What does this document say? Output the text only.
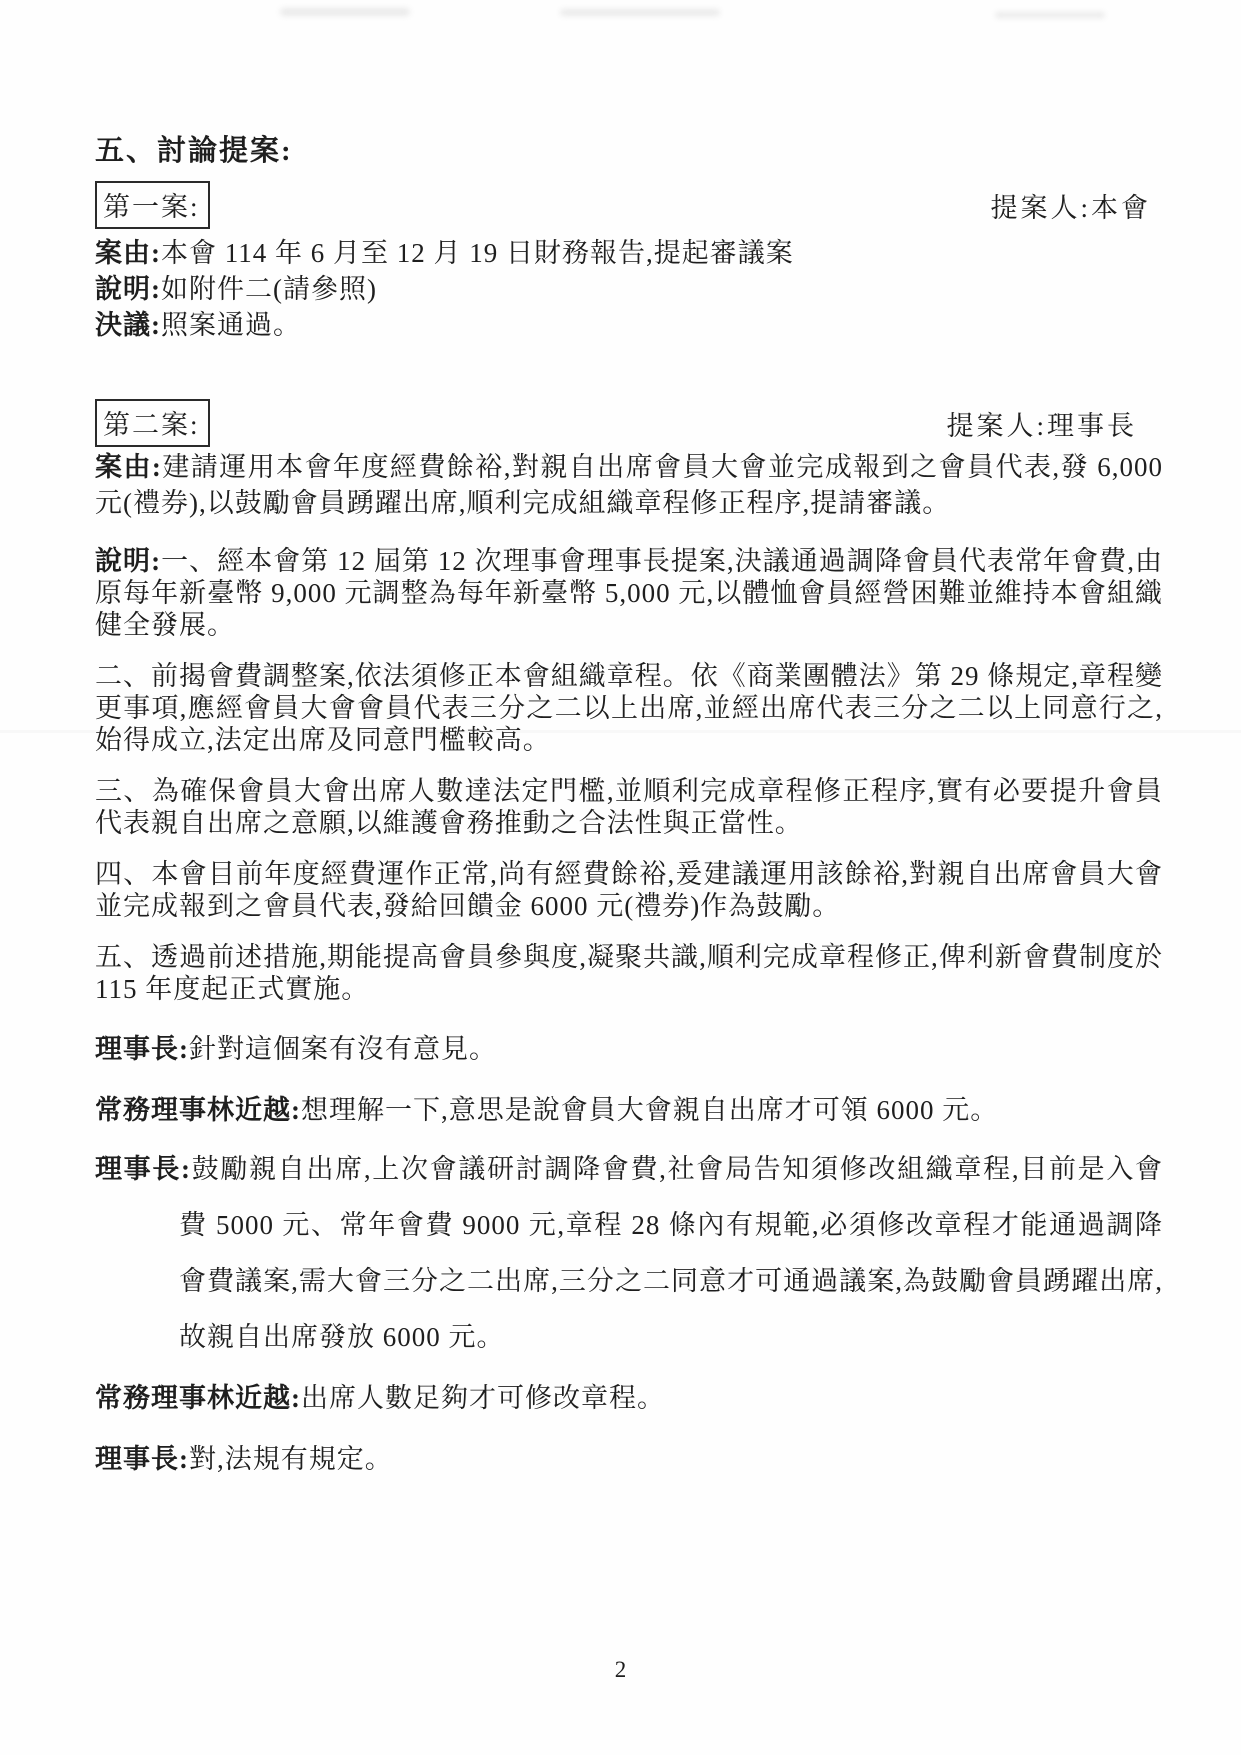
五、討論提案:
第一案:	提案人:本會

案由:本會 114 年 6 月至 12 月 19 日財務報告,提起審議案

說明:如附件二(請參照)

決議:照案通過。

第二案:	提案人:理事長

案由:建請運用本會年度經費餘裕,對親自出席會員大會並完成報到之會員代表,發 6,000 元(禮券),以鼓勵會員踴躍出席,順利完成組織章程修正程序,提請審議。

說明:一、經本會第 12 屆第 12 次理事會理事長提案,決議通過調降會員代表常年會費,由原每年新臺幣 9,000 元調整為每年新臺幣 5,000 元,以體恤會員經營困難並維持本會組織健全發展。

二、前揭會費調整案,依法須修正本會組織章程。依《商業團體法》第 29 條規定,章程變更事項,應經會員大會會員代表三分之二以上出席,並經出席代表三分之二以上同意行之,始得成立,法定出席及同意門檻較高。

三、為確保會員大會出席人數達法定門檻,並順利完成章程修正程序,實有必要提升會員代表親自出席之意願,以維護會務推動之合法性與正當性。

四、本會目前年度經費運作正常,尚有經費餘裕,爰建議運用該餘裕,對親自出席會員大會並完成報到之會員代表,發給回饋金 6000 元(禮券)作為鼓勵。

五、透過前述措施,期能提高會員參與度,凝聚共識,順利完成章程修正,俾利新會費制度於 115 年度起正式實施。

理事長:針對這個案有沒有意見。

常務理事林近越:想理解一下,意思是說會員大會親自出席才可領 6000 元。

理事長:鼓勵親自出席,上次會議研討調降會費,社會局告知須修改組織章程,目前是入會費 5000 元、常年會費 9000 元,章程 28 條內有規範,必須修改章程才能通過調降會費議案,需大會三分之二出席,三分之二同意才可通過議案,為鼓勵會員踴躍出席,故親自出席發放 6000 元。

常務理事林近越:出席人數足夠才可修改章程。

理事長:對,法規有規定。

2
